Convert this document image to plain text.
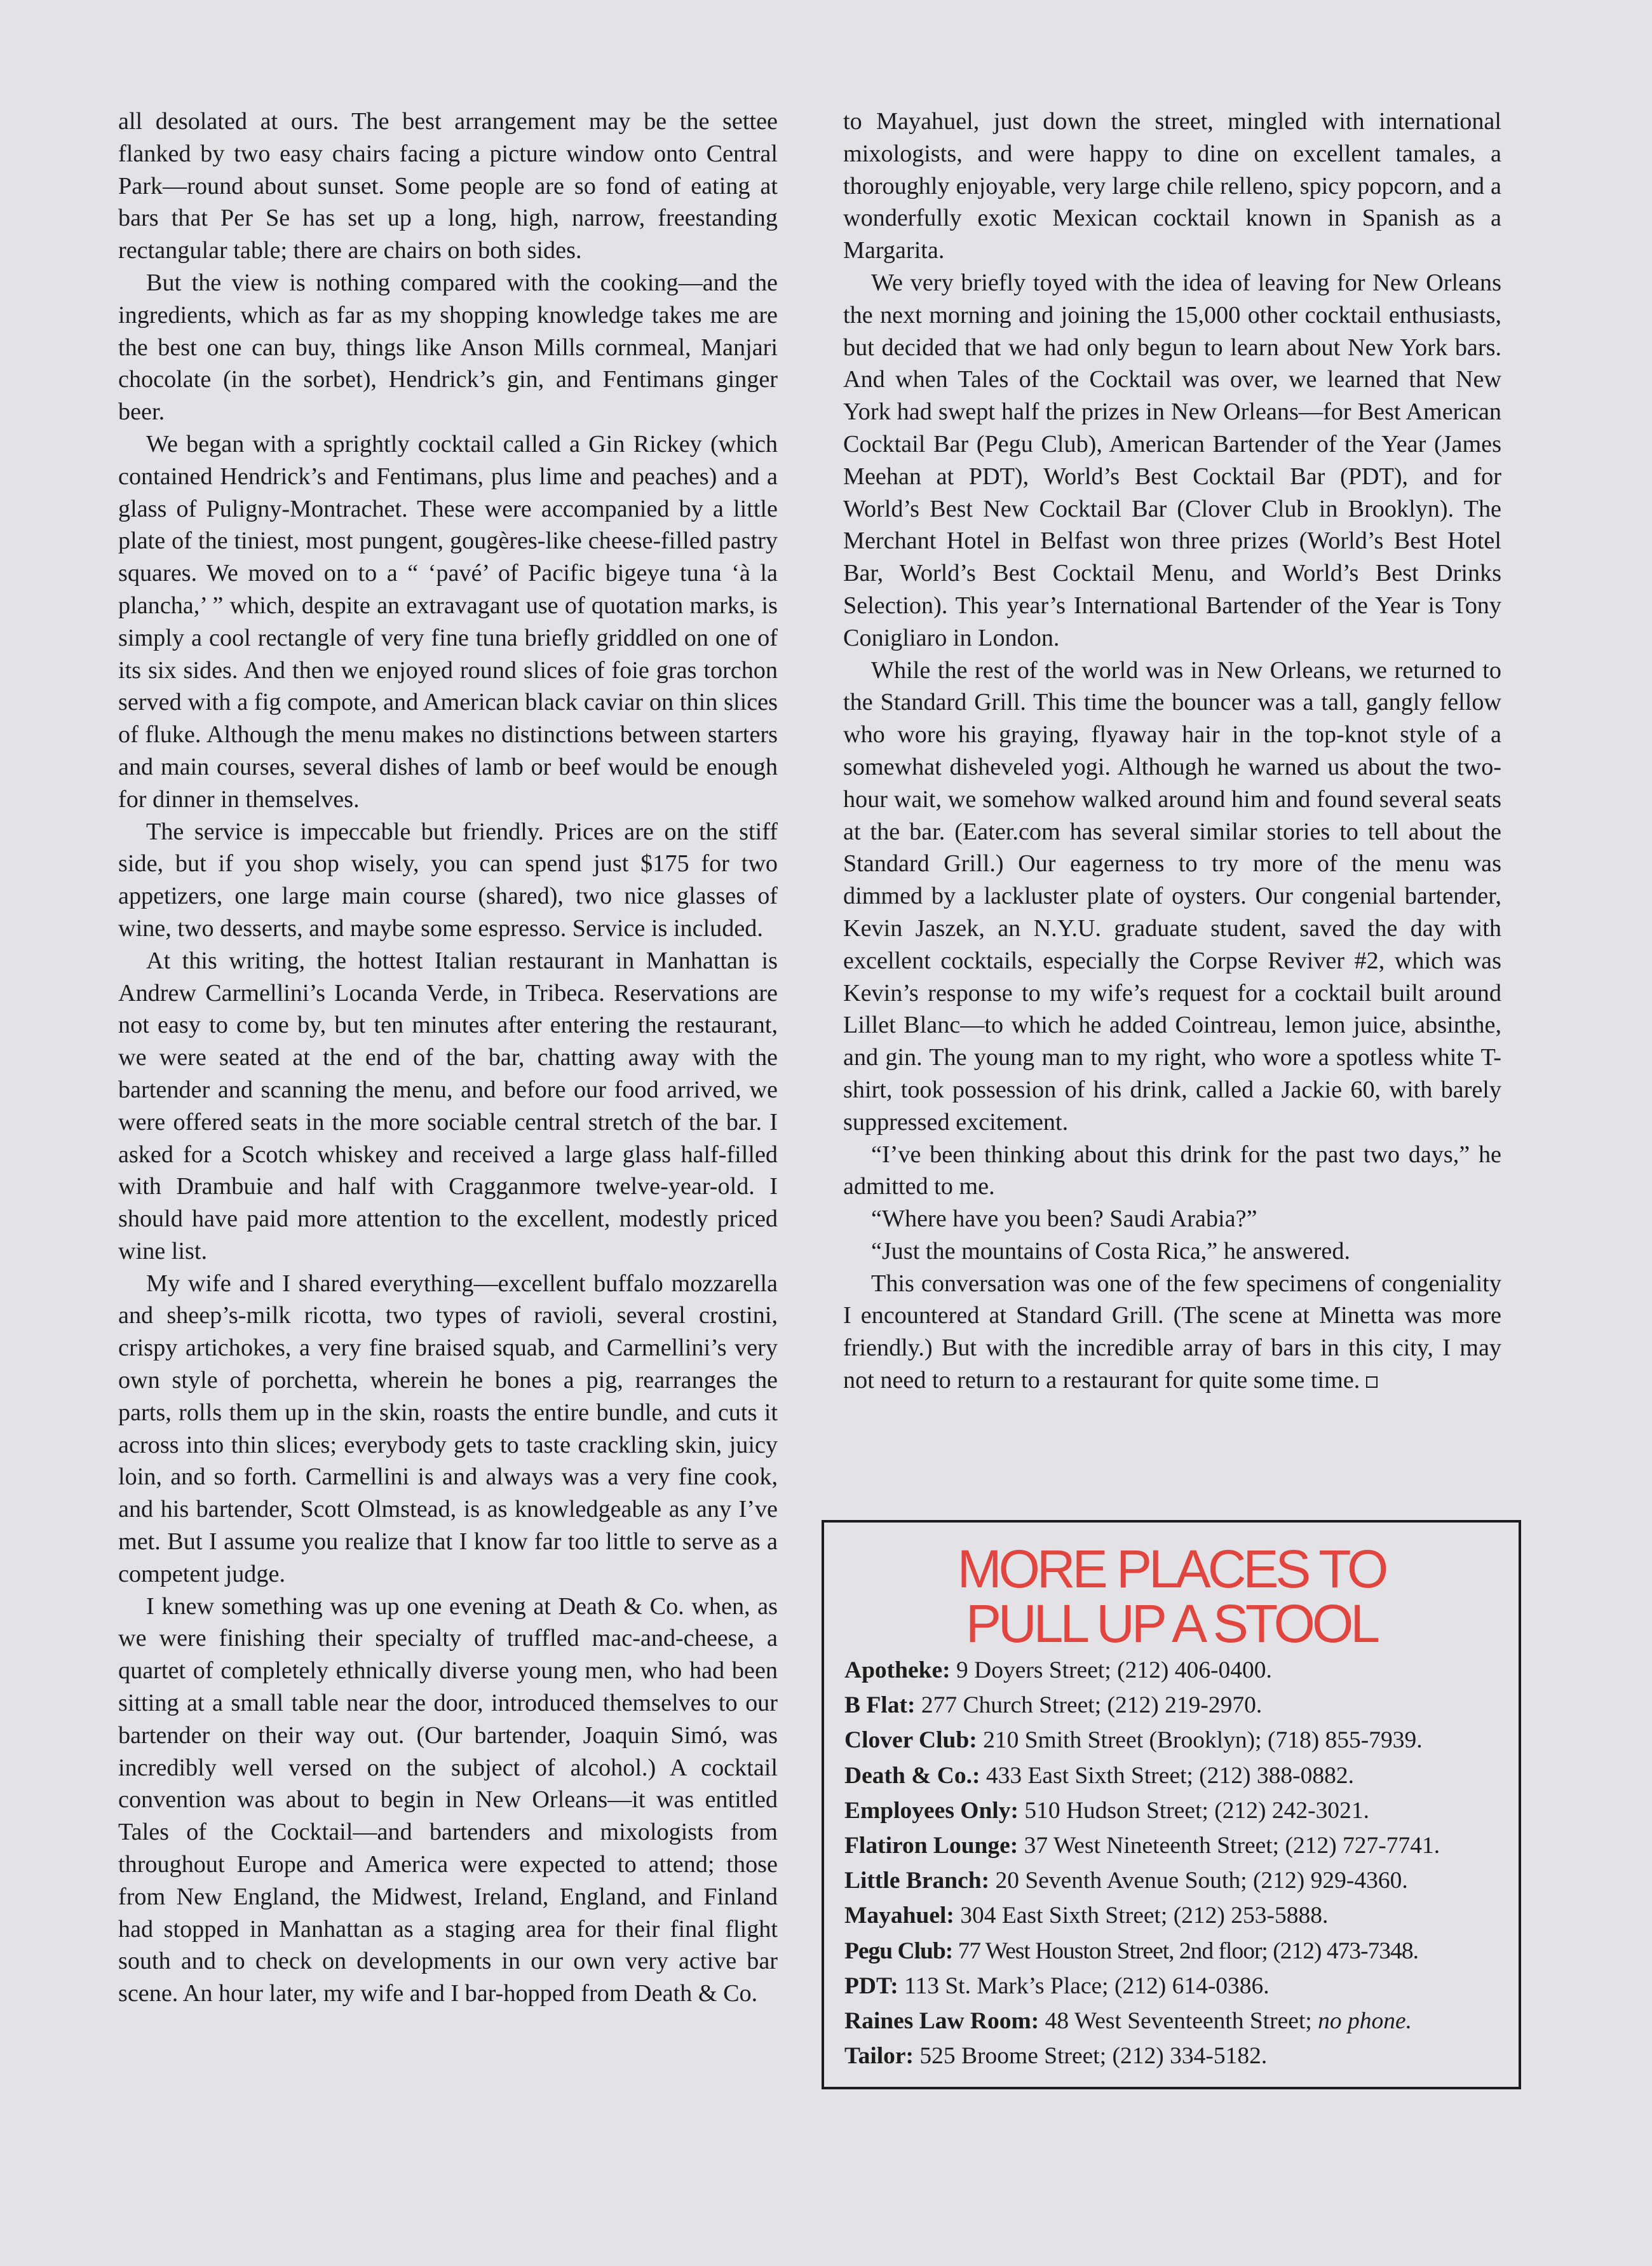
all desolated at ours. The best arrangement may be the settee flanked by two easy chairs facing a picture window onto Central Park—round about sunset. Some people are so fond of eating at bars that Per Se has set up a long, high, narrow, freestanding rectangular table; there are chairs on both sides.

But the view is nothing compared with the cooking—and the ingredients, which as far as my shopping knowledge takes me are the best one can buy, things like Anson Mills cornmeal, Manjari chocolate (in the sorbet), Hendrick’s gin, and Fentimans ginger beer.

We began with a sprightly cocktail called a Gin Rickey (which contained Hendrick’s and Fentimans, plus lime and peaches) and a glass of Puligny-Montrachet. These were accompanied by a little plate of the tiniest, most pungent, gougères-like cheese-filled pastry squares. We moved on to a “ ‘pavé’ of Pacific bigeye tuna ‘à la plancha,’ ” which, despite an extravagant use of quotation marks, is simply a cool rectangle of very fine tuna briefly griddled on one of its six sides. And then we enjoyed round slices of foie gras torchon served with a fig compote, and American black caviar on thin slices of fluke. Although the menu makes no distinctions between starters and main courses, several dishes of lamb or beef would be enough for dinner in themselves.

The service is impeccable but friendly. Prices are on the stiff side, but if you shop wisely, you can spend just $175 for two appetizers, one large main course (shared), two nice glasses of wine, two desserts, and maybe some espresso. Service is included.

At this writing, the hottest Italian restaurant in Manhattan is Andrew Carmellini’s Locanda Verde, in Tribeca. Reservations are not easy to come by, but ten minutes after entering the restaurant, we were seated at the end of the bar, chatting away with the bartender and scanning the menu, and before our food arrived, we were offered seats in the more sociable central stretch of the bar. I asked for a Scotch whiskey and received a large glass half-filled with Drambuie and half with Cragganmore twelve-year-old. I should have paid more attention to the excellent, modestly priced wine list.

My wife and I shared everything—excellent buffalo mozzarella and sheep’s-milk ricotta, two types of ravioli, several crostini, crispy artichokes, a very fine braised squab, and Carmellini’s very own style of porchetta, wherein he bones a pig, rearranges the parts, rolls them up in the skin, roasts the entire bundle, and cuts it across into thin slices; everybody gets to taste crackling skin, juicy loin, and so forth. Carmellini is and always was a very fine cook, and his bartender, Scott Olmstead, is as knowledgeable as any I’ve met. But I assume you realize that I know far too little to serve as a competent judge.

I knew something was up one evening at Death & Co. when, as we were finishing their specialty of truffled mac-and-cheese, a quartet of completely ethnically diverse young men, who had been sitting at a small table near the door, introduced themselves to our bartender on their way out. (Our bartender, Joaquin Simó, was incredibly well versed on the subject of alcohol.) A cocktail convention was about to begin in New Orleans—it was entitled Tales of the Cocktail—and bartenders and mixologists from throughout Europe and America were expected to attend; those from New England, the Midwest, Ireland, England, and Finland had stopped in Manhattan as a staging area for their final flight south and to check on developments in our own very active bar scene. An hour later, my wife and I bar-hopped from Death & Co.

to Mayahuel, just down the street, mingled with international mixologists, and were happy to dine on excellent tamales, a thoroughly enjoyable, very large chile relleno, spicy popcorn, and a wonderfully exotic Mexican cocktail known in Spanish as a Margarita.

We very briefly toyed with the idea of leaving for New Orleans the next morning and joining the 15,000 other cocktail enthusiasts, but decided that we had only begun to learn about New York bars. And when Tales of the Cocktail was over, we learned that New York had swept half the prizes in New Orleans—for Best American Cocktail Bar (Pegu Club), American Bartender of the Year (James Meehan at PDT), World’s Best Cocktail Bar (PDT), and for World’s Best New Cocktail Bar (Clover Club in Brooklyn). The Merchant Hotel in Belfast won three prizes (World’s Best Hotel Bar, World’s Best Cocktail Menu, and World’s Best Drinks Selection). This year’s International Bartender of the Year is Tony Conigliaro in London.

While the rest of the world was in New Orleans, we returned to the Standard Grill. This time the bouncer was a tall, gangly fellow who wore his graying, flyaway hair in the top-knot style of a somewhat disheveled yogi. Although he warned us about the two-hour wait, we somehow walked around him and found several seats at the bar. (Eater.com has several similar stories to tell about the Standard Grill.) Our eagerness to try more of the menu was dimmed by a lackluster plate of oysters. Our congenial bartender, Kevin Jaszek, an N.Y.U. graduate student, saved the day with excellent cocktails, especially the Corpse Reviver #2, which was Kevin’s response to my wife’s request for a cocktail built around Lillet Blanc—to which he added Cointreau, lemon juice, absinthe, and gin. The young man to my right, who wore a spotless white T-shirt, took possession of his drink, called a Jackie 60, with barely suppressed excitement.

“I’ve been thinking about this drink for the past two days,” he admitted to me.

“Where have you been? Saudi Arabia?”

“Just the mountains of Costa Rica,” he answered.

This conversation was one of the few specimens of congeniality I encountered at Standard Grill. (The scene at Minetta was more friendly.) But with the incredible array of bars in this city, I may not need to return to a restaurant for quite some time.

MORE PLACES TO
PULL UP A STOOL
Apotheke: 9 Doyers Street; (212) 406-0400.
B Flat: 277 Church Street; (212) 219-2970.
Clover Club: 210 Smith Street (Brooklyn); (718) 855-7939.
Death & Co.: 433 East Sixth Street; (212) 388-0882.
Employees Only: 510 Hudson Street; (212) 242-3021.
Flatiron Lounge: 37 West Nineteenth Street; (212) 727-7741.
Little Branch: 20 Seventh Avenue South; (212) 929-4360.
Mayahuel: 304 East Sixth Street; (212) 253-5888.
Pegu Club: 77 West Houston Street, 2nd floor; (212) 473-7348.
PDT: 113 St. Mark’s Place; (212) 614-0386.
Raines Law Room: 48 West Seventeenth Street; no phone.
Tailor: 525 Broome Street; (212) 334-5182.
